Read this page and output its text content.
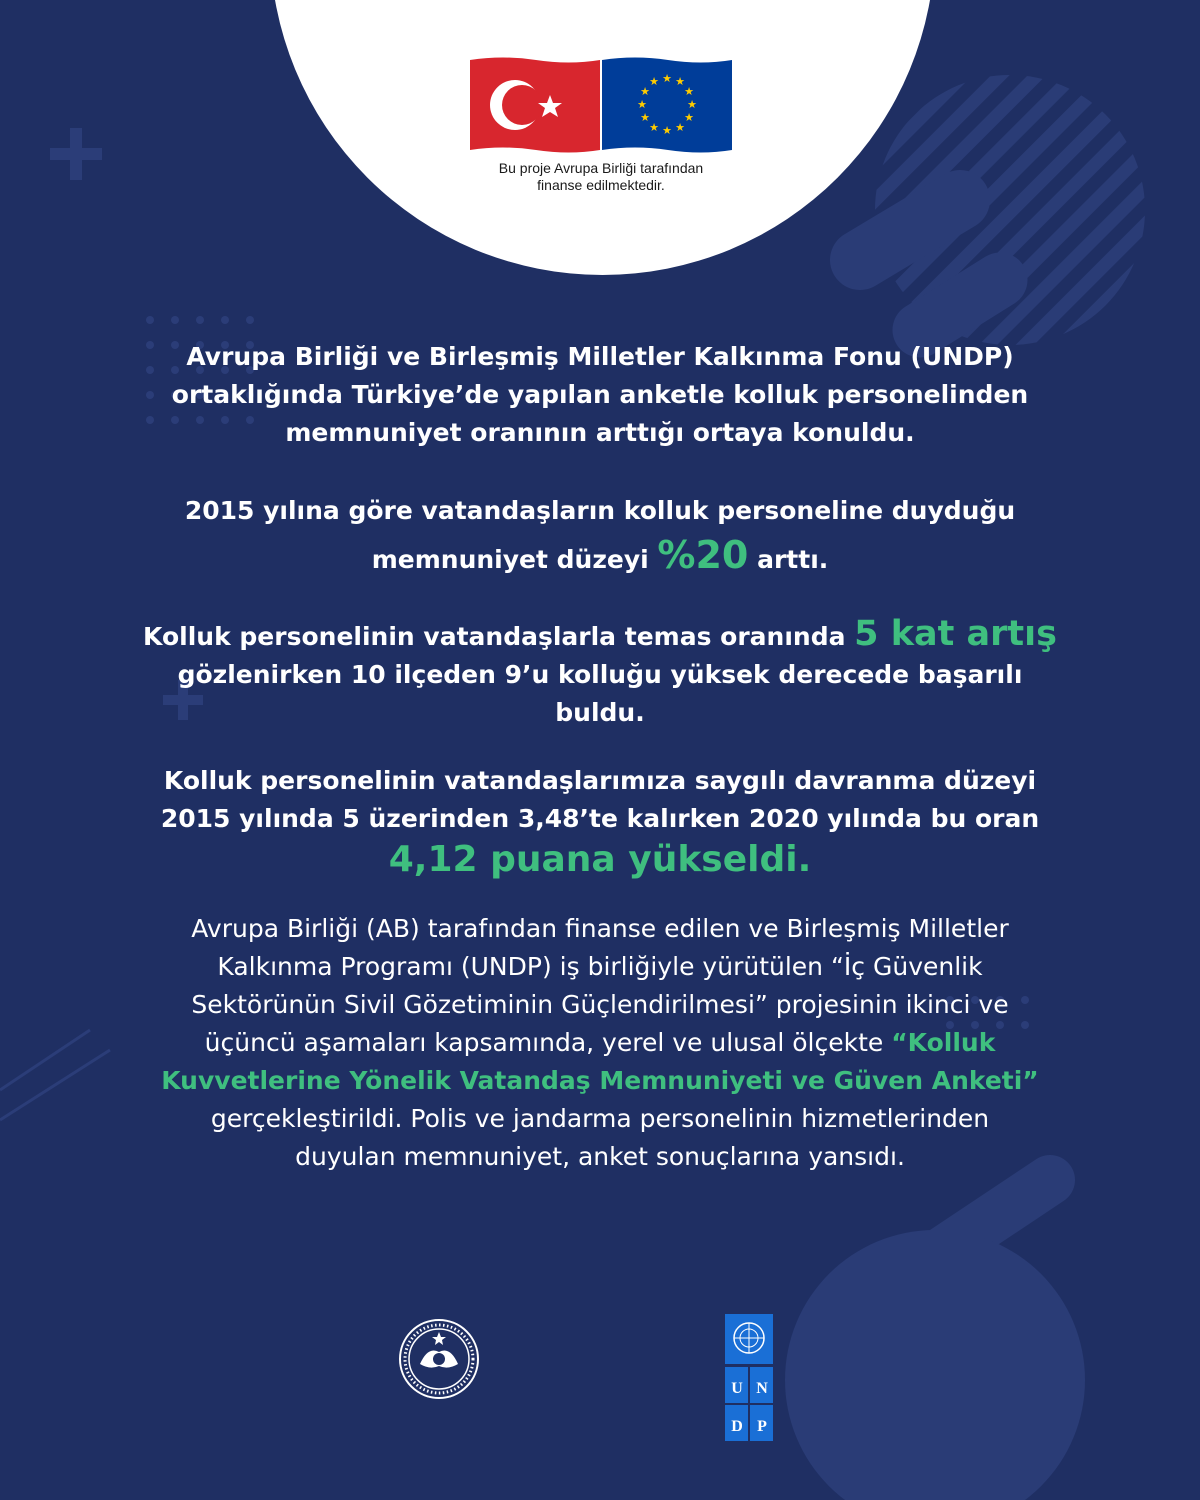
★ ★
★
★
★
★
★
★
★
★
★
★
Bu proje Avrupa Birliği tarafından
finanse edilmektedir.

Avrupa Birliği ve Birleşmiş Milletler Kalkınma Fonu (UNDP)
ortaklığında Türkiye’de yapılan anketle kolluk personelinden
memnuniyet oranının arttığı ortaya konuldu.

2015 yılına göre vatandaşların kolluk personeline duyduğu
memnuniyet düzeyi %20 arttı.

Kolluk personelinin vatandaşlarla temas oranında 5 kat artış
gözlenirken 10 ilçeden 9’u kolluğu yüksek derecede başarılı
buldu.

Kolluk personelinin vatandaşlarımıza saygılı davranma düzeyi
2015 yılında 5 üzerinden 3,48’te kalırken 2020 yılında bu oran
4,12 puana yükseldi.

Avrupa Birliği (AB) tarafından finanse edilen ve Birleşmiş Milletler
Kalkınma Programı (UNDP) iş birliğiyle yürütülen “İç Güvenlik
Sektörünün Sivil Gözetiminin Güçlendirilmesi” projesinin ikinci ve
üçüncü aşamaları kapsamında, yerel ve ulusal ölçekte “Kolluk
Kuvvetlerine Yönelik Vatandaş Memnuniyeti ve Güven Anketi”
gerçekleştirildi. Polis ve jandarma personelinin hizmetlerinden
duyulan memnuniyet, anket sonuçlarına yansıdı.

U N
D P
